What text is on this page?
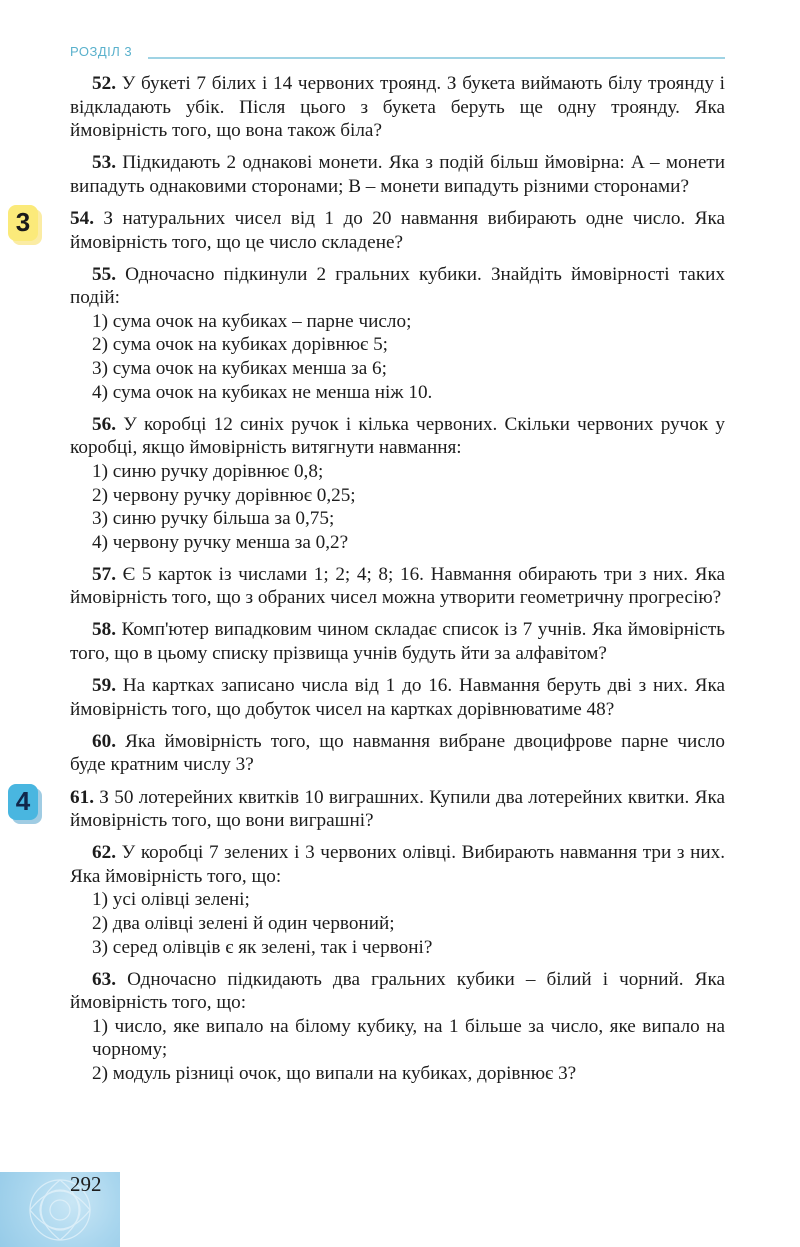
РОЗДІЛ 3

52. У букеті 7 білих і 14 червоних троянд. З букета виймають білу троянду і відкладають убік. Після цього з букета беруть ще одну троянду. Яка ймовірність того, що вона також біла?

53. Підкидають 2 однакові монети. Яка з подій більш ймовірна: A – монети випадуть однаковими сторонами; B – монети випадуть різними сторонами?

3	54. З натуральних чисел від 1 до 20 навмання вибирають одне число. Яка ймовірність того, що це число складене?

55. Одночасно підкинули 2 гральних кубики. Знайдіть ймовірності таких подій:

1) сума очок на кубиках – парне число;
2) сума очок на кубиках дорівнює 5;
3) сума очок на кубиках менша за 6;
4) сума очок на кубиках не менша ніж 10.

56. У коробці 12 синіх ручок і кілька червоних. Скільки червоних ручок у коробці, якщо ймовірність витягнути навмання:

1) синю ручку дорівнює 0,8;
2) червону ручку дорівнює 0,25;
3) синю ручку більша за 0,75;
4) червону ручку менша за 0,2?

57. Є 5 карток із числами 1; 2; 4; 8; 16. Навмання обирають три з них. Яка ймовірність того, що з обраних чисел можна утворити геометричну прогресію?

58. Комп'ютер випадковим чином складає список із 7 учнів. Яка ймовірність того, що в цьому списку прізвища учнів будуть йти за алфавітом?

59. На картках записано числа від 1 до 16. Навмання беруть дві з них. Яка ймовірність того, що добуток чисел на картках дорівнюватиме 48?

60. Яка ймовірність того, що навмання вибране двоцифрове парне число буде кратним числу 3?

4	61. З 50 лотерейних квитків 10 виграшних. Купили два лотерейних квитки. Яка ймовірність того, що вони виграшні?

62. У коробці 7 зелених і 3 червоних олівці. Вибирають навмання три з них. Яка ймовірність того, що:

1) усі олівці зелені;
2) два олівці зелені й один червоний;
3) серед олівців є як зелені, так і червоні?

63. Одночасно підкидають два гральних кубики – білий і чорний. Яка ймовірність того, що:

1) число, яке випало на білому кубику, на 1 більше за число, яке випало на чорному;
2) модуль різниці очок, що випали на кубиках, дорівнює 3?
292
